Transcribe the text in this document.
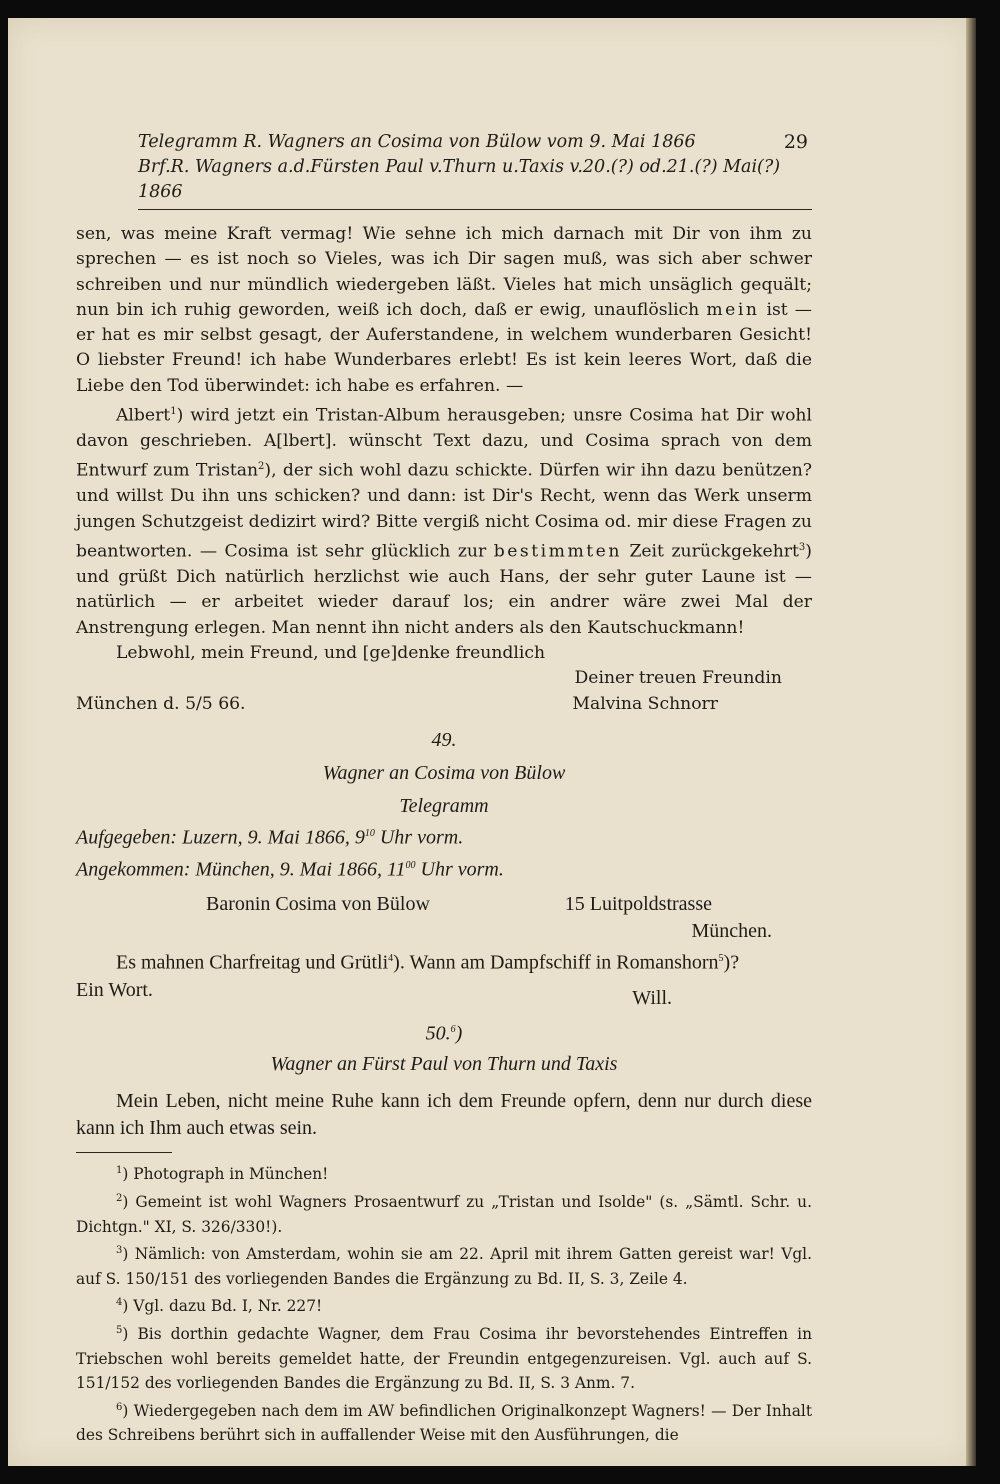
Telegramm R. Wagners an Cosima von Bülow vom 9. Mai 1866	29
Brf.R. Wagners a.d.Fürsten Paul v.Thurn u.Taxis v.20.(?) od.21.(?) Mai(?) 1866

sen, was meine Kraft vermag! Wie sehne ich mich darnach mit Dir von ihm zu sprechen — es ist noch so Vieles, was ich Dir sagen muß, was sich aber schwer schreiben und nur mündlich wiedergeben läßt. Vieles hat mich unsäglich gequält; nun bin ich ruhig geworden, weiß ich doch, daß er ewig, unauflöslich mein ist — er hat es mir selbst gesagt, der Auferstandene, in welchem wunderbaren Gesicht! O liebster Freund! ich habe Wunderbares erlebt! Es ist kein leeres Wort, daß die Liebe den Tod überwindet: ich habe es erfahren. —

Albert$^1$) wird jetzt ein Tristan-Album herausgeben; unsre Cosima hat Dir wohl davon geschrieben. A[lbert]. wünscht Text dazu, und Cosima sprach von dem Entwurf zum Tristan$^2$), der sich wohl dazu schickte. Dürfen wir ihn dazu benützen? und willst Du ihn uns schicken? und dann: ist Dir's Recht, wenn das Werk unserm jungen Schutzgeist dedizirt wird? Bitte vergiß nicht Cosima od. mir diese Fragen zu beantworten. — Cosima ist sehr glücklich zur bestimmten Zeit zurückgekehrt$^3$) und grüßt Dich natürlich herzlichst wie auch Hans, der sehr guter Laune ist — natürlich — er arbeitet wieder darauf los; ein andrer wäre zwei Mal der Anstrengung erlegen. Man nennt ihn nicht anders als den Kautschuckmann!

Lebwohl, mein Freund, und [ge]denke freundlich

Deiner treuen Freundin

München d. 5/5 66.	Malvina Schnorr

49.

Wagner an Cosima von Bülow

Telegramm

Aufgegeben: Luzern, 9. Mai 1866, $9^{10}$ Uhr vorm.

Angekommen: München, 9. Mai 1866, $11^{00}$ Uhr vorm.

Baronin Cosima von Bülow	15 Luitpoldstrasse

München.

Es mahnen Charfreitag und Grütli$^4$). Wann am Dampfschiff in Romanshorn$^5$)?

Ein Wort.	Will.

50.$^6$)

Wagner an Fürst Paul von Thurn und Taxis

Mein Leben, nicht meine Ruhe kann ich dem Freunde opfern, denn nur durch diese kann ich Ihm auch etwas sein.

$^1$) Photograph in München!

$^2$) Gemeint ist wohl Wagners Prosaentwurf zu „Tristan und Isolde" (s. „Sämtl. Schr. u. Dichtgn." XI, S. 326/330!).

$^3$) Nämlich: von Amsterdam, wohin sie am 22. April mit ihrem Gatten gereist war! Vgl. auf S. 150/151 des vorliegenden Bandes die Ergänzung zu Bd. II, S. 3, Zeile 4.

$^4$) Vgl. dazu Bd. I, Nr. 227!

$^5$) Bis dorthin gedachte Wagner, dem Frau Cosima ihr bevorstehendes Eintreffen in Triebschen wohl bereits gemeldet hatte, der Freundin entgegenzureisen. Vgl. auch auf S. 151/152 des vorliegenden Bandes die Ergänzung zu Bd. II, S. 3 Anm. 7.

$^6$) Wiedergegeben nach dem im AW befindlichen Originalkonzept Wagners! — Der Inhalt des Schreibens berührt sich in auffallender Weise mit den Ausführungen, die
